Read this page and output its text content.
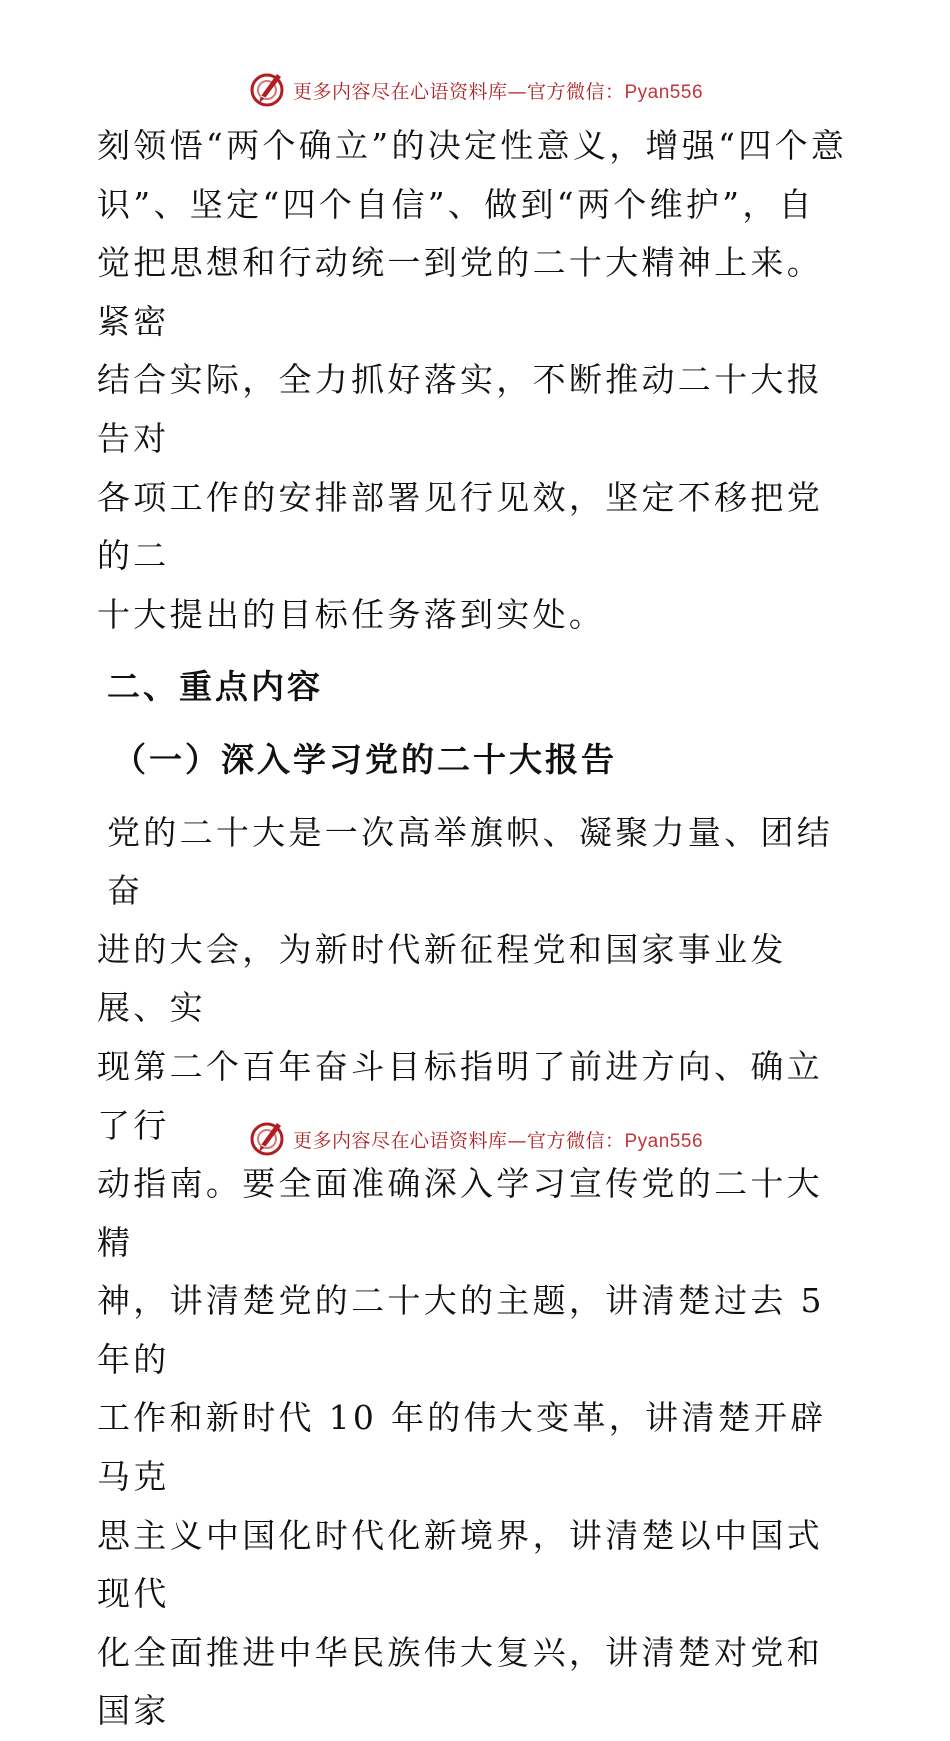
更多内容尽在心语资料库—官方微信：Pyan556

刻领悟“两个确立”的决定性意义，增强“四个意

识”、坚定“四个自信”、做到“两个维护”，自

觉把思想和行动统一到党的二十大精神上来。紧密

结合实际，全力抓好落实，不断推动二十大报告对

各项工作的安排部署见行见效，坚定不移把党的二

十大提出的目标任务落到实处。

二、重点内容
（一）深入学习党的二十大报告

党的二十大是一次高举旗帜、凝聚力量、团结奋

进的大会，为新时代新征程党和国家事业发展、实

现第二个百年奋斗目标指明了前进方向、确立了行

动指南。要全面准确深入学习宣传党的二十大精

神，讲清楚党的二十大的主题，讲清楚过去 5 年的

工作和新时代 10 年的伟大变革，讲清楚开辟马克

思主义中国化时代化新境界，讲清楚以中国式现代

化全面推进中华民族伟大复兴，讲清楚对党和国家

更多内容尽在心语资料库—官方微信：Pyan556
